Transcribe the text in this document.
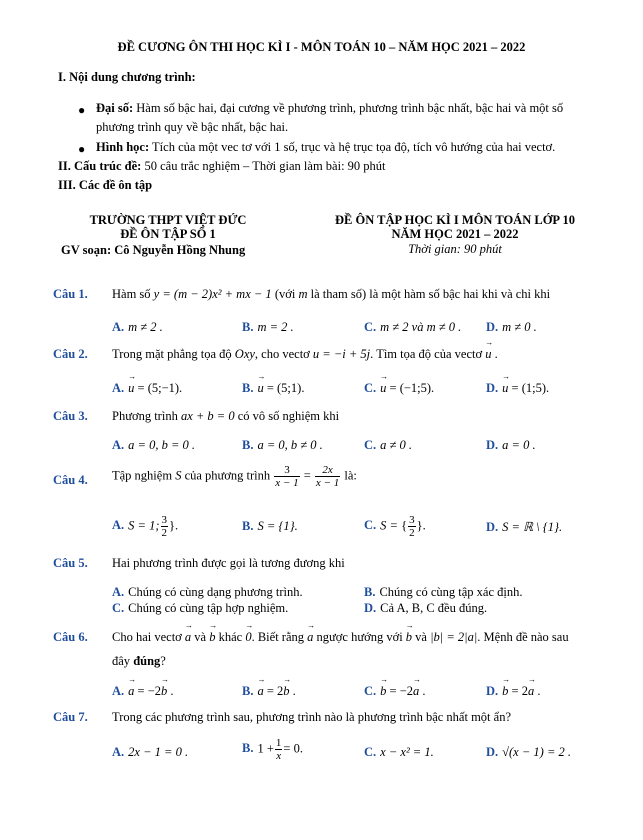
ĐỀ CƯƠNG ÔN THI HỌC KÌ I - MÔN TOÁN 10 – NĂM HỌC 2021 – 2022
I. Nội dung chương trình:
● Đại số: Hàm số bậc hai, đại cương về phương trình, phương trình bậc nhất, bậc hai và một số
phương trình quy về bậc nhất, bậc hai.
● Hình học: Tích của một vec tơ với 1 số, trục và hệ trục tọa độ, tích vô hướng của hai vectơ.
II. Cấu trúc đề: 50 câu trắc nghiệm – Thời gian làm bài: 90 phút
III. Các đề ôn tập
TRƯỜNG THPT VIỆT ĐỨC
ĐỀ ÔN TẬP SỐ 1
GV soạn: Cô Nguyễn Hồng Nhung
ĐỀ ÔN TẬP HỌC KÌ I MÔN TOÁN LỚP 10
NĂM HỌC 2021 – 2022
Thời gian: 90 phút
Câu 1. Hàm số y = (m − 2)x² + mx − 1 (với m là tham số) là một hàm số bậc hai khi và chỉ khi
A. m ≠ 2 .	B. m = 2 .	C. m ≠ 2 và m ≠ 0 . D. m ≠ 0 .
Câu 2. Trong mặt phẳng tọa độ Oxy, cho vectơ u = −i + 5j. Tìm tọa độ của vectơ → u .
A. → u = (5;−1).	B. → u = (5;1).	C. → u = (−1;5).	D. → u = (1;5).
Câu 3. Phương trình ax + b = 0 có vô số nghiệm khi
A. a = 0, b = 0 .	B. a = 0, b ≠ 0 .	C. a ≠ 0 .	D. a = 0 .
Câu 4. Tập nghiệm S của phương trình $\frac{3}{x - 1} = \frac{2x}{x - 1}$ là:
A. S = 1; $\frac{3}{2}$ }.	B. S = {1}.	C. S = { $\frac{3}{2}$ }.	D. S = ℝ \ {1}.
Câu 5. Hai phương trình được gọi là tương đương khi
A. Chúng có cùng dạng phương trình.	B. Chúng có cùng tập xác định.
C. Chúng có cùng tập hợp nghiệm.	D. Cả A, B, C đều đúng.
Câu 6. Cho hai vectơ → a và → b khác → 0. Biết rằng → a ngược hướng với → b và |b| = 2|a|. Mệnh đề nào sau
đây đúng?
A. → a = −2→ b .	B. → a = 2→ b .	C. → b = −2→ a .	D. → b = 2→ a .
Câu 7. Trong các phương trình sau, phương trình nào là phương trình bậc nhất một ẩn?
A. 2x − 1 = 0 .	B. $1 + \frac{1}{x} = 0$.	C. x − x² = 1.	D. √(x − 1) = 2 .
